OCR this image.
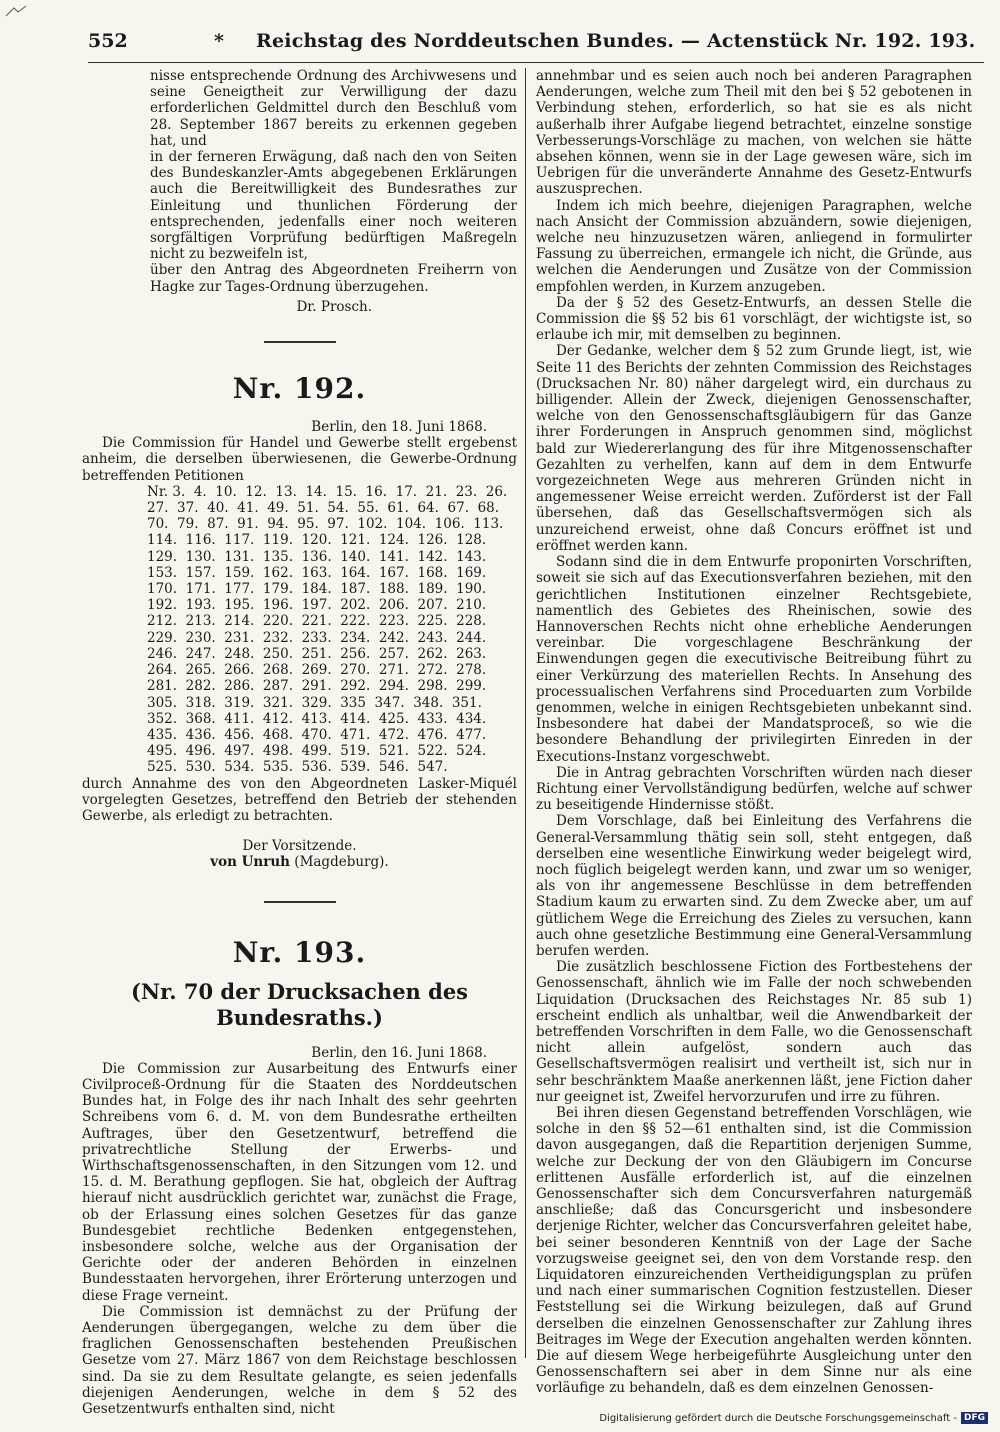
552	* Reichstag des Norddeutschen Bundes. — Actenstück Nr. 192. 193.

nisse entsprechende Ordnung des Archivwesens und seine Geneigtheit zur Verwilligung der dazu erforderlichen Geldmittel durch den Beschluß vom 28. September 1867 bereits zu erkennen gegeben hat, und

in der ferneren Erwägung, daß nach den von Seiten des Bundeskanzler-Amts abgegebenen Erklärungen auch die Bereitwilligkeit des Bundesrathes zur Einleitung und thunlichen Förderung der entsprechenden, jedenfalls einer noch weiteren sorgfältigen Vorprüfung bedürftigen Maßregeln nicht zu bezweifeln ist,

über den Antrag des Abgeordneten Freiherrn von Hagke zur Tages-Ordnung überzugehen.

Dr. Prosch.

Nr. 192.

Berlin, den 18. Juni 1868.

Die Commission für Handel und Gewerbe stellt ergebenst anheim, die derselben überwiesenen, die Gewerbe-Ordnung betreffenden Petitionen

Nr. 3.  4.  10.  12.  13.  14.  15.  16.  17.  21.  23.  26.
27.  37.  40.  41.  49.  51.  54.  55.  61.  64.  67.  68.
70.  79.  87.  91.  94.  95.  97.  102.  104.  106.  113.
114.  116.  117.  119.  120.  121.  124.  126.  128.
129.  130.  131.  135.  136.  140.  141.  142.  143.
153.  157.  159.  162.  163.  164.  167.  168.  169.
170.  171.  177.  179.  184.  187.  188.  189.  190.
192.  193.  195.  196.  197.  202.  206.  207.  210.
212.  213.  214.  220.  221.  222.  223.  225.  228.
229.  230.  231.  232.  233.  234.  242.  243.  244.
246.  247.  248.  250.  251.  256.  257.  262.  263.
264.  265.  266.  268.  269.  270.  271.  272.  278.
281.  282.  286.  287.  291.  292.  294.  298.  299.
305.  318.  319.  321.  329.  335  347.  348.  351.
352.  368.  411.  412.  413.  414.  425.  433.  434.
435.  436.  456.  468.  470.  471.  472.  476.  477.
495.  496.  497.  498.  499.  519.  521.  522.  524.
525.  530.  534.  535.  536.  539.  546.  547.

durch Annahme des von den Abgeordneten Lasker-Miquél vorgelegten Gesetzes, betreffend den Betrieb der stehenden Gewerbe, als erledigt zu betrachten.

Der Vorsitzende.

von Unruh (Magdeburg).

Nr. 193.

(Nr. 70 der Drucksachen des Bundesraths.)

Berlin, den 16. Juni 1868.

Die Commission zur Ausarbeitung des Entwurfs einer Civilproceß-Ordnung für die Staaten des Norddeutschen Bundes hat, in Folge des ihr nach Inhalt des sehr geehrten Schreibens vom 6. d. M. von dem Bundesrathe ertheilten Auftrages, über den Gesetzentwurf, betreffend die privatrechtliche Stellung der Erwerbs- und Wirthschaftsgenossenschaften, in den Sitzungen vom 12. und 15. d. M. Berathung gepflogen. Sie hat, obgleich der Auftrag hierauf nicht ausdrücklich gerichtet war, zunächst die Frage, ob der Erlassung eines solchen Gesetzes für das ganze Bundesgebiet rechtliche Bedenken entgegenstehen, insbesondere solche, welche aus der Organisation der Gerichte oder der anderen Behörden in einzelnen Bundesstaaten hervorgehen, ihrer Erörterung unterzogen und diese Frage verneint.

Die Commission ist demnächst zu der Prüfung der Aenderungen übergegangen, welche zu dem über die fraglichen Genossenschaften bestehenden Preußischen Gesetze vom 27. März 1867 von dem Reichstage beschlossen sind. Da sie zu dem Resultate gelangte, es seien jedenfalls diejenigen Aenderungen, welche in dem § 52 des Gesetzentwurfs enthalten sind, nicht

annehmbar und es seien auch noch bei anderen Paragraphen Aenderungen, welche zum Theil mit den bei § 52 gebotenen in Verbindung stehen, erforderlich, so hat sie es als nicht außerhalb ihrer Aufgabe liegend betrachtet, einzelne sonstige Verbesserungs-Vorschläge zu machen, von welchen sie hätte absehen können, wenn sie in der Lage gewesen wäre, sich im Uebrigen für die unveränderte Annahme des Gesetz-Entwurfs auszusprechen.

Indem ich mich beehre, diejenigen Paragraphen, welche nach Ansicht der Commission abzuändern, sowie diejenigen, welche neu hinzuzusetzen wären, anliegend in formulirter Fassung zu überreichen, ermangele ich nicht, die Gründe, aus welchen die Aenderungen und Zusätze von der Commission empfohlen werden, in Kurzem anzugeben.

Da der § 52 des Gesetz-Entwurfs, an dessen Stelle die Commission die §§ 52 bis 61 vorschlägt, der wichtigste ist, so erlaube ich mir, mit demselben zu beginnen.

Der Gedanke, welcher dem § 52 zum Grunde liegt, ist, wie Seite 11 des Berichts der zehnten Commission des Reichstages (Drucksachen Nr. 80) näher dargelegt wird, ein durchaus zu billigender. Allein der Zweck, diejenigen Genossenschafter, welche von den Genossenschaftsgläubigern für das Ganze ihrer Forderungen in Anspruch genommen sind, möglichst bald zur Wiedererlangung des für ihre Mitgenossenschafter Gezahlten zu verhelfen, kann auf dem in dem Entwurfe vorgezeichneten Wege aus mehreren Gründen nicht in angemessener Weise erreicht werden. Zuförderst ist der Fall übersehen, daß das Gesellschaftsvermögen sich als unzureichend erweist, ohne daß Concurs eröffnet ist und eröffnet werden kann.

Sodann sind die in dem Entwurfe proponirten Vorschriften, soweit sie sich auf das Executionsverfahren beziehen, mit den gerichtlichen Institutionen einzelner Rechtsgebiete, namentlich des Gebietes des Rheinischen, sowie des Hannoverschen Rechts nicht ohne erhebliche Aenderungen vereinbar. Die vorgeschlagene Beschränkung der Einwendungen gegen die executivische Beitreibung führt zu einer Verkürzung des materiellen Rechts. In Ansehung des processualischen Verfahrens sind Proceduarten zum Vorbilde genommen, welche in einigen Rechtsgebieten unbekannt sind. Insbesondere hat dabei der Mandatsproceß, so wie die besondere Behandlung der privilegirten Einreden in der Executions-Instanz vorgeschwebt.

Die in Antrag gebrachten Vorschriften würden nach dieser Richtung einer Vervollständigung bedürfen, welche auf schwer zu beseitigende Hindernisse stößt.

Dem Vorschlage, daß bei Einleitung des Verfahrens die General-Versammlung thätig sein soll, steht entgegen, daß derselben eine wesentliche Einwirkung weder beigelegt wird, noch füglich beigelegt werden kann, und zwar um so weniger, als von ihr angemessene Beschlüsse in dem betreffenden Stadium kaum zu erwarten sind. Zu dem Zwecke aber, um auf gütlichem Wege die Erreichung des Zieles zu versuchen, kann auch ohne gesetzliche Bestimmung eine General-Versammlung berufen werden.

Die zusätzlich beschlossene Fiction des Fortbestehens der Genossenschaft, ähnlich wie im Falle der noch schwebenden Liquidation (Drucksachen des Reichstages Nr. 85 sub 1) erscheint endlich als unhaltbar, weil die Anwendbarkeit der betreffenden Vorschriften in dem Falle, wo die Genossenschaft nicht allein aufgelöst, sondern auch das Gesellschaftsvermögen realisirt und vertheilt ist, sich nur in sehr beschränktem Maaße anerkennen läßt, jene Fiction daher nur geeignet ist, Zweifel hervorzurufen und irre zu führen.

Bei ihren diesen Gegenstand betreffenden Vorschlägen, wie solche in den §§ 52—61 enthalten sind, ist die Commission davon ausgegangen, daß die Repartition derjenigen Summe, welche zur Deckung der von den Gläubigern im Concurse erlittenen Ausfälle erforderlich ist, auf die einzelnen Genossenschafter sich dem Concursverfahren naturgemäß anschließe; daß das Concursgericht und insbesondere derjenige Richter, welcher das Concursverfahren geleitet habe, bei seiner besonderen Kenntniß von der Lage der Sache vorzugsweise geeignet sei, den von dem Vorstande resp. den Liquidatoren einzureichenden Vertheidigungsplan zu prüfen und nach einer summarischen Cognition festzustellen. Dieser Feststellung sei die Wirkung beizulegen, daß auf Grund derselben die einzelnen Genossenschafter zur Zahlung ihres Beitrages im Wege der Execution angehalten werden könnten. Die auf diesem Wege herbeigeführte Ausgleichung unter den Genossenschaftern sei aber in dem Sinne nur als eine vorläufige zu behandeln, daß es dem einzelnen Genossen-

Digitalisierung gefördert durch die Deutsche Forschungsgemeinschaft - DFG
